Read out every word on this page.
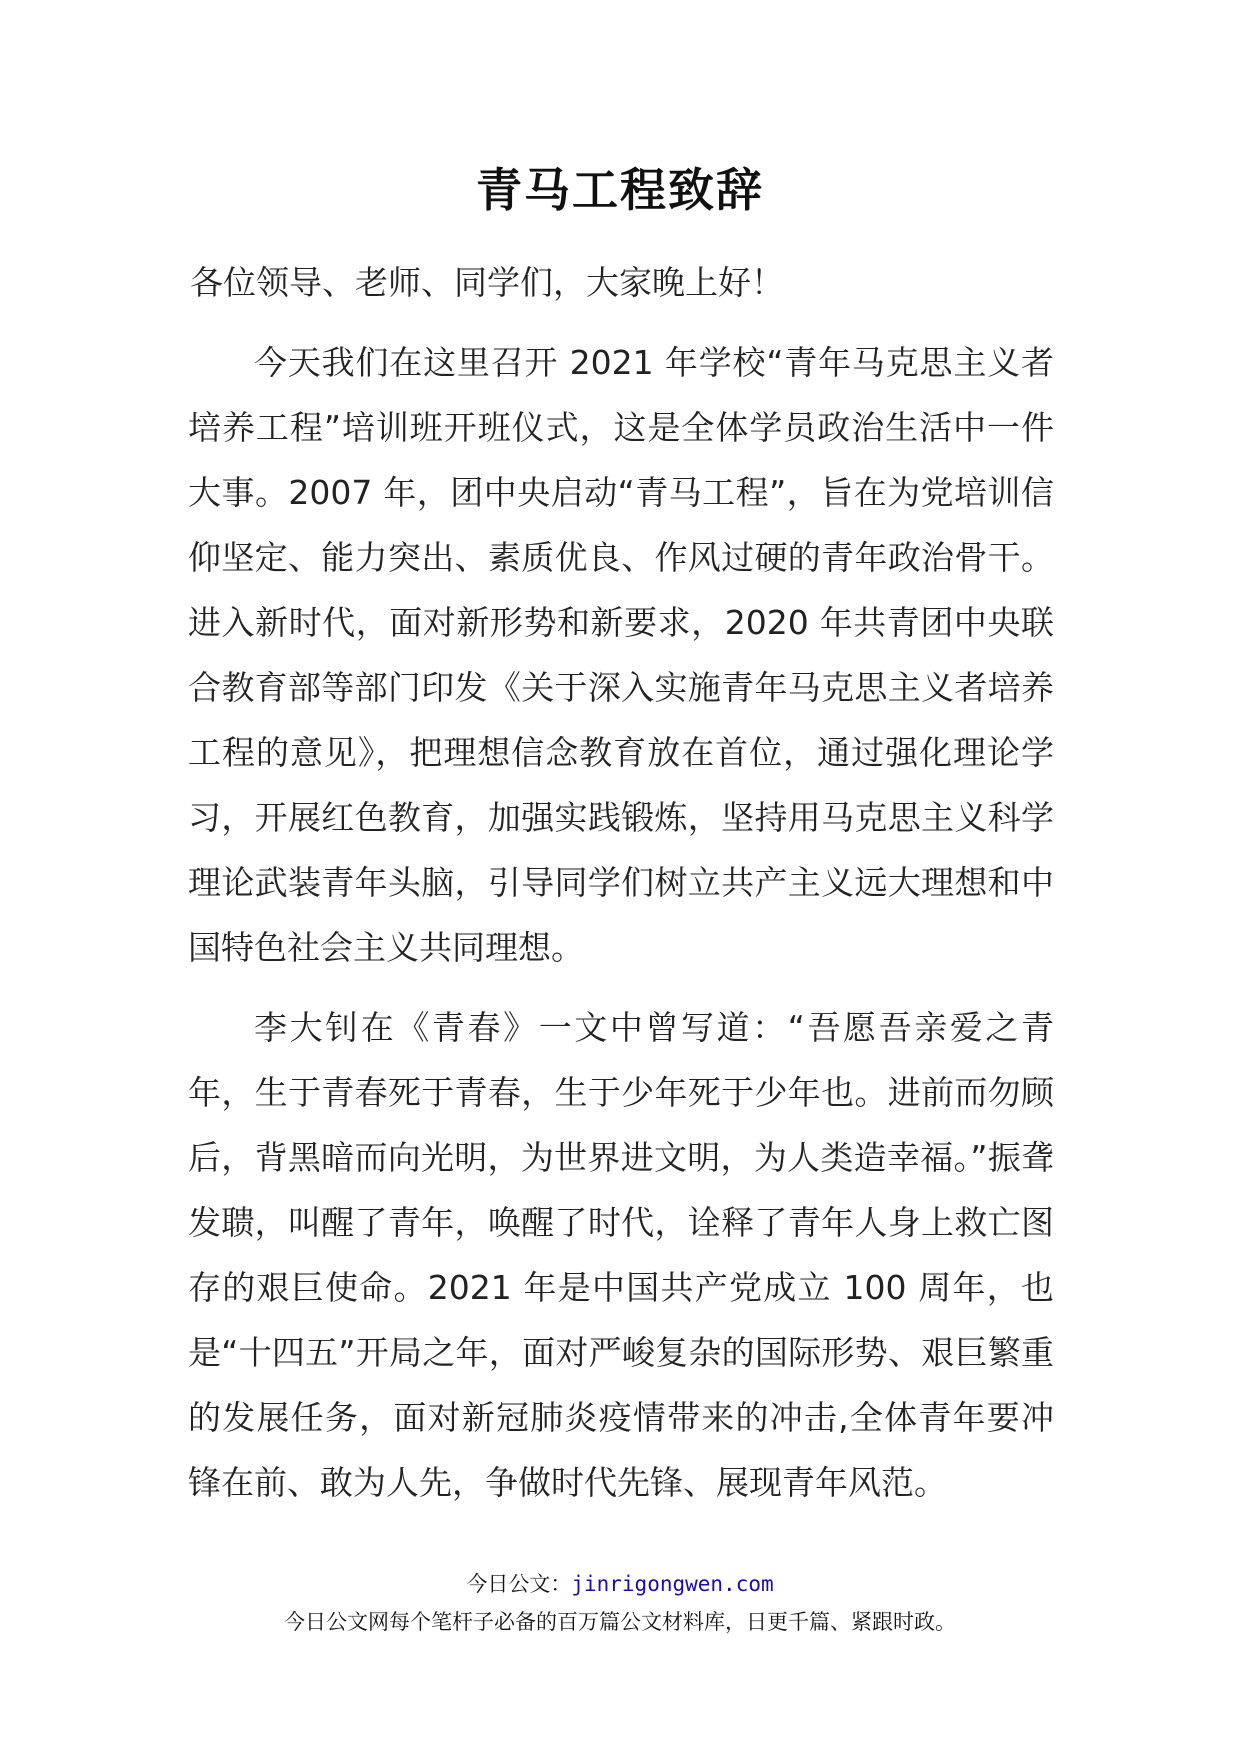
青马工程致辞
各位领导、老师、同学们，大家晚上好！

今天我们在这里召开 2021 年学校“青年马克思主义者培养工程”培训班开班仪式，这是全体学员政治生活中一件大事。2007 年，团中央启动“青马工程”，旨在为党培训信仰坚定、能力突出、素质优良、作风过硬的青年政治骨干。进入新时代，面对新形势和新要求，2020 年共青团中央联合教育部等部门印发《关于深入实施青年马克思主义者培养工程的意见》，把理想信念教育放在首位，通过强化理论学习，开展红色教育，加强实践锻炼，坚持用马克思主义科学理论武装青年头脑，引导同学们树立共产主义远大理想和中国特色社会主义共同理想。

李大钊在《青春》一文中曾写道：“吾愿吾亲爱之青年，生于青春死于青春，生于少年死于少年也。进前而勿顾后，背黑暗而向光明，为世界进文明，为人类造幸福。”振聋发聩，叫醒了青年，唤醒了时代，诠释了青年人身上救亡图存的艰巨使命。2021 年是中国共产党成立 100 周年，也是“十四五”开局之年，面对严峻复杂的国际形势、艰巨繁重的发展任务，面对新冠肺炎疫情带来的冲击,全体青年要冲锋在前、敢为人先，争做时代先锋、展现青年风范。

今日公文：jinrigongwen.com
今日公文网每个笔杆子必备的百万篇公文材料库，日更千篇、紧跟时政。
